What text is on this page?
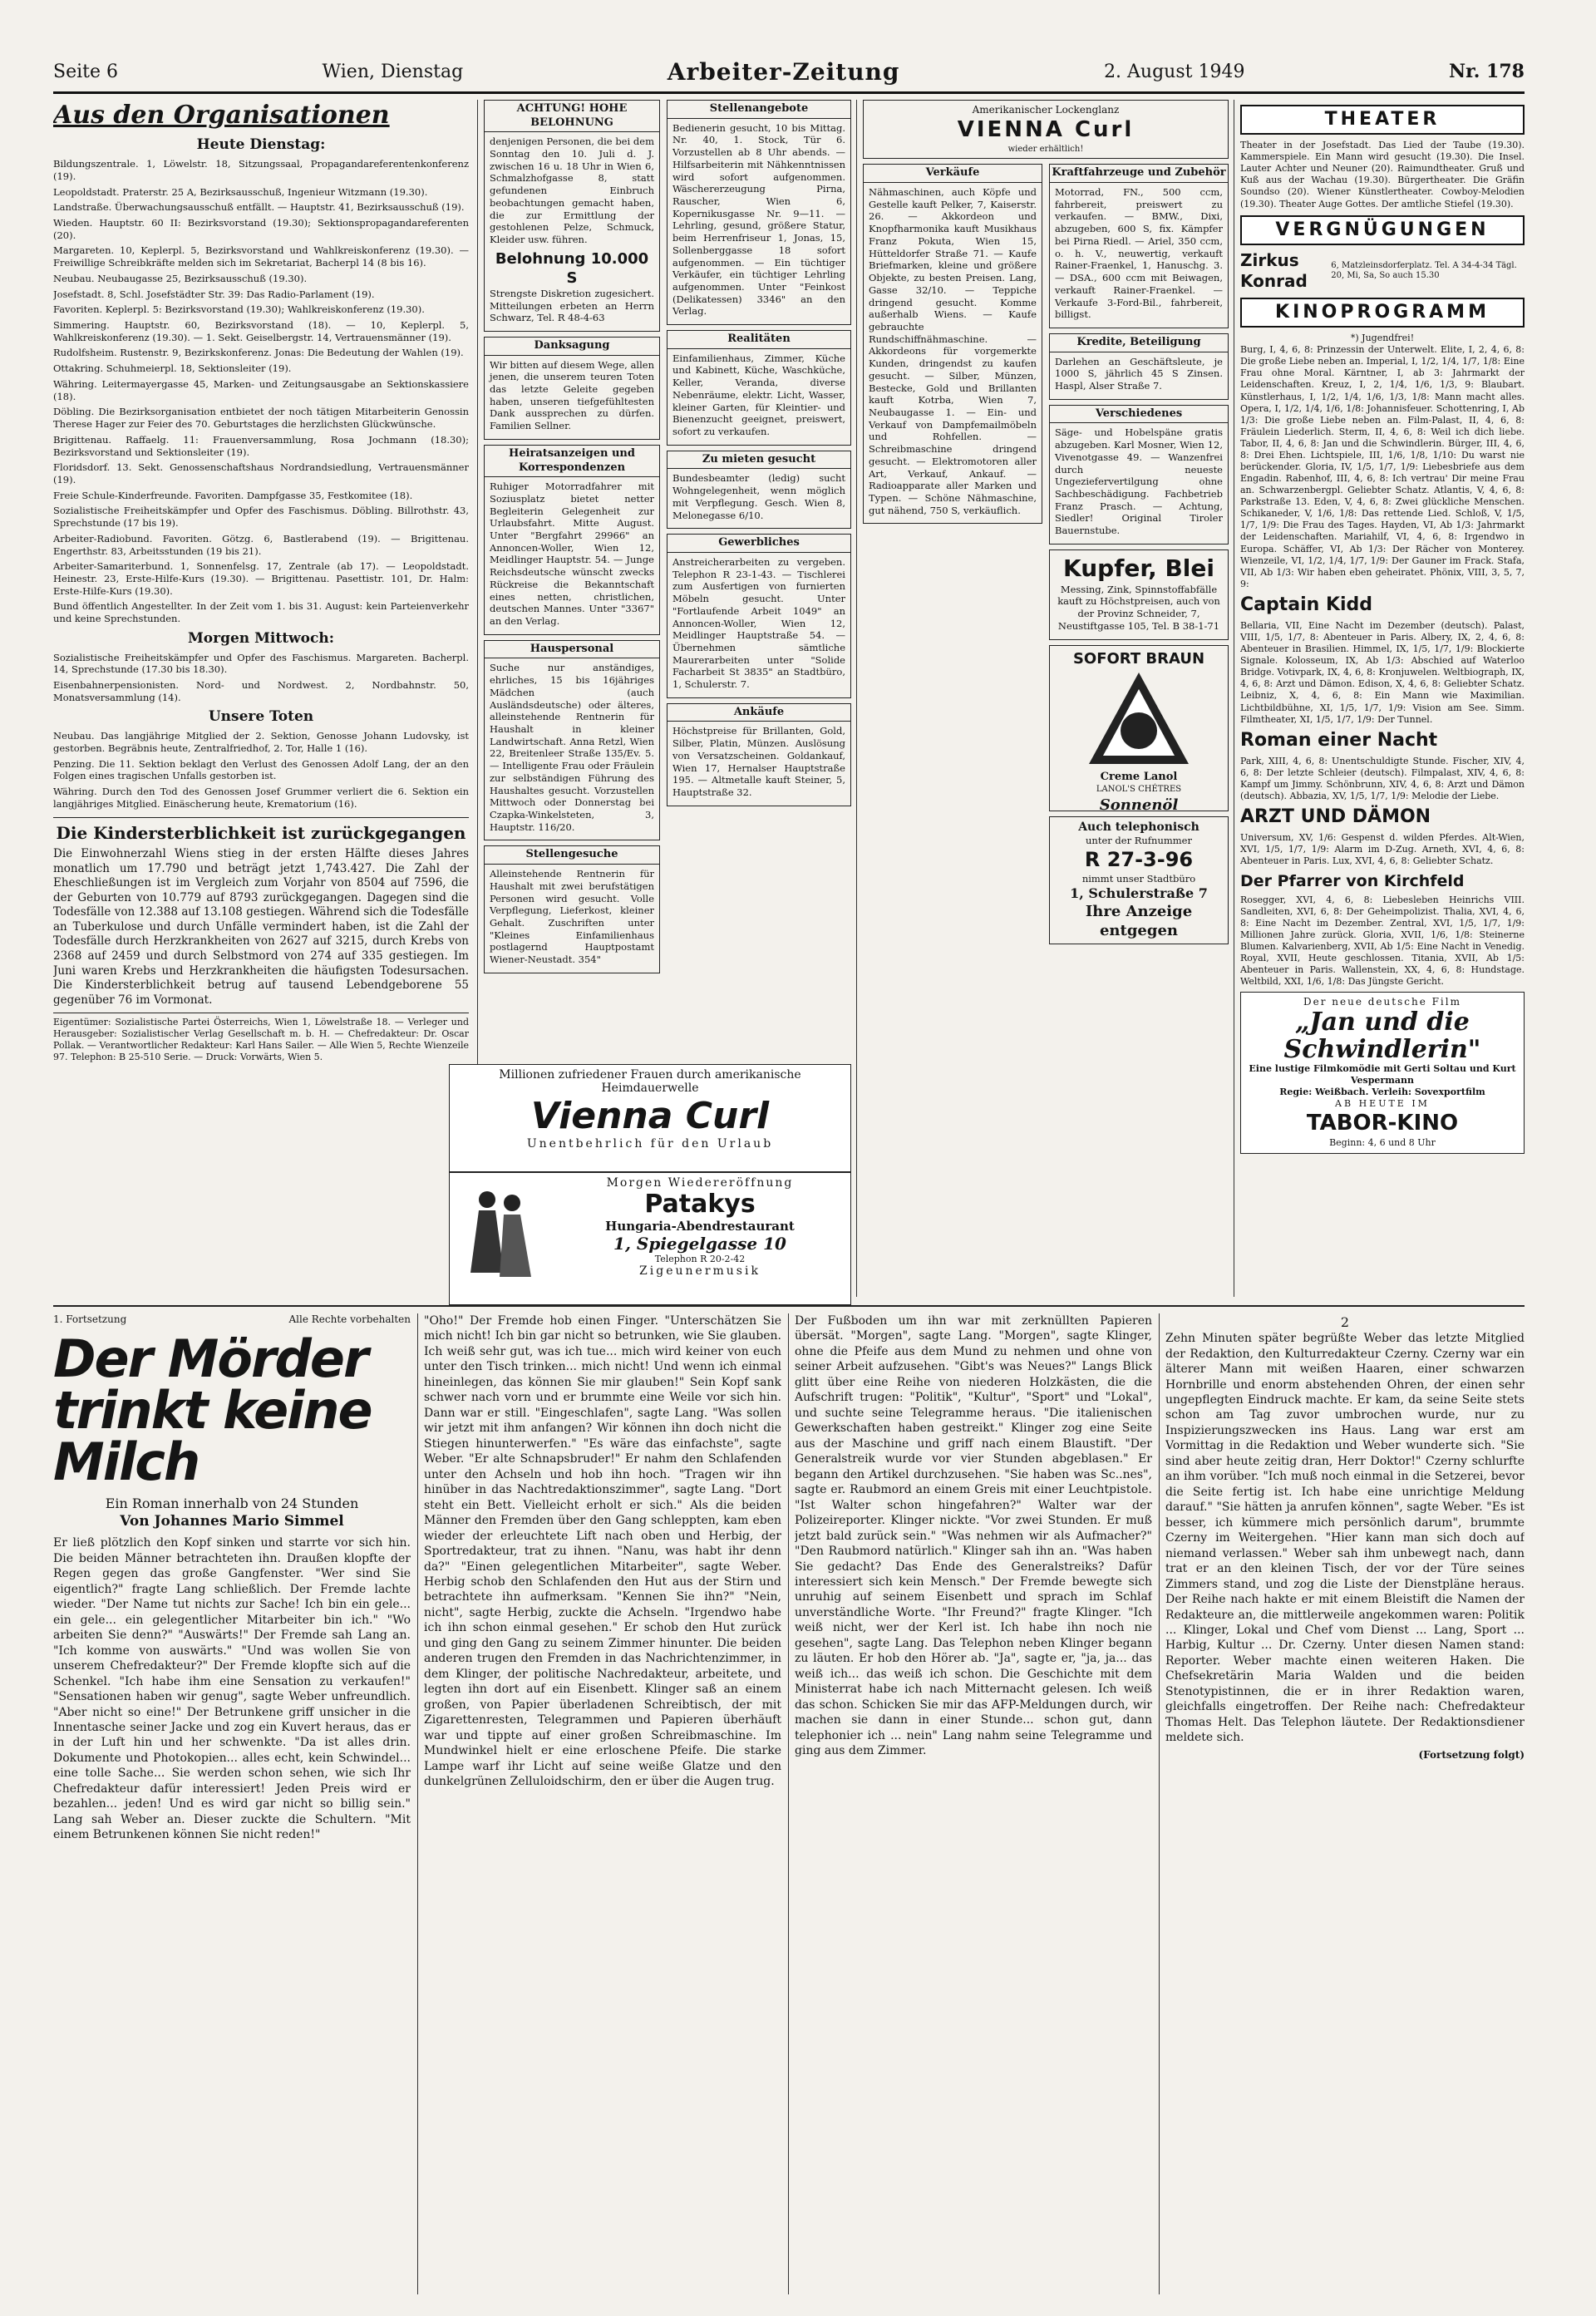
Seite 6	Wien, Dienstag	Arbeiter-Zeitung	2. August 1949	Nr. 178
Aus den Organisationen
Heute Dienstag:

Bildungszentrale. 1, Löwelstr. 18, Sitzungssaal, Propagandareferentenkonferenz (19).

Leopoldstadt. Praterstr. 25 A, Bezirksausschuß, Ingenieur Witzmann (19.30).

Landstraße. Überwachungsausschuß entfällt. — Hauptstr. 41, Bezirksausschuß (19).

Wieden. Hauptstr. 60 II: Bezirksvorstand (19.30); Sektionspropagandareferenten (20).

Margareten. 10, Keplerpl. 5, Bezirksvorstand und Wahlkreiskonferenz (19.30). — Freiwillige Schreibkräfte melden sich im Sekretariat, Bacherpl 14 (8 bis 16).

Neubau. Neubaugasse 25, Bezirksausschuß (19.30).

Josefstadt. 8, Schl. Josefstädter Str. 39: Das Radio-Parlament (19).

Favoriten. Keplerpl. 5: Bezirksvorstand (19.30); Wahlkreiskonferenz (19.30).

Simmering. Hauptstr. 60, Bezirksvorstand (18). — 10, Keplerpl. 5, Wahlkreiskonferenz (19.30). — 1. Sekt. Geiselbergstr. 14, Vertrauensmänner (19).

Rudolfsheim. Rustenstr. 9, Bezirkskonferenz. Jonas: Die Bedeutung der Wahlen (19).

Ottakring. Schuhmeierpl. 18, Sektionsleiter (19).

Währing. Leitermayergasse 45, Marken- und Zeitungsausgabe an Sektionskassiere (18).

Döbling. Die Bezirksorganisation entbietet der noch tätigen Mitarbeiterin Genossin Therese Hager zur Feier des 70. Geburtstages die herzlichsten Glückwünsche.

Brigittenau. Raffaelg. 11: Frauenversammlung, Rosa Jochmann (18.30); Bezirksvorstand und Sektionsleiter (19).

Floridsdorf. 13. Sekt. Genossenschaftshaus Nordrandsiedlung, Vertrauensmänner (19).

Freie Schule-Kinderfreunde. Favoriten. Dampfgasse 35, Festkomitee (18).

Sozialistische Freiheitskämpfer und Opfer des Faschismus. Döbling. Billrothstr. 43, Sprechstunde (17 bis 19).

Arbeiter-Radiobund. Favoriten. Götzg. 6, Bastlerabend (19). — Brigittenau. Engerthstr. 83, Arbeitsstunden (19 bis 21).

Arbeiter-Samariterbund. 1, Sonnenfelsg. 17, Zentrale (ab 17). — Leopoldstadt. Heinestr. 23, Erste-Hilfe-Kurs (19.30). — Brigittenau. Pasettistr. 101, Dr. Halm: Erste-Hilfe-Kurs (19.30).

Bund öffentlich Angestellter. In der Zeit vom 1. bis 31. August: kein Parteienverkehr und keine Sprechstunden.

Morgen Mittwoch:

Sozialistische Freiheitskämpfer und Opfer des Faschismus. Margareten. Bacherpl. 14, Sprechstunde (17.30 bis 18.30).

Eisenbahnerpensionisten. Nord- und Nordwest. 2, Nordbahnstr. 50, Monatsversammlung (14).

Unsere Toten

Neubau. Das langjährige Mitglied der 2. Sektion, Genosse Johann Ludovsky, ist gestorben. Begräbnis heute, Zentralfriedhof, 2. Tor, Halle 1 (16).

Penzing. Die 11. Sektion beklagt den Verlust des Genossen Adolf Lang, der an den Folgen eines tragischen Unfalls gestorben ist.

Währing. Durch den Tod des Genossen Josef Grummer verliert die 6. Sektion ein langjähriges Mitglied. Einäscherung heute, Krematorium (16).

Die Kindersterblichkeit ist zurückgegangen

Die Einwohnerzahl Wiens stieg in der ersten Hälfte dieses Jahres monatlich um 17.790 und beträgt jetzt 1,743.427. Die Zahl der Eheschließungen ist im Vergleich zum Vorjahr von 8504 auf 7596, die der Geburten von 10.779 auf 8793 zurückgegangen. Dagegen sind die Todesfälle von 12.388 auf 13.108 gestiegen. Während sich die Todesfälle an Tuberkulose und durch Unfälle vermindert haben, ist die Zahl der Todesfälle durch Herzkrankheiten von 2627 auf 3215, durch Krebs von 2368 auf 2459 und durch Selbstmord von 274 auf 335 gestiegen. Im Juni waren Krebs und Herzkrankheiten die häufigsten Todesursachen. Die Kindersterblichkeit betrug auf tausend Lebendgeborene 55 gegenüber 76 im Vormonat.

Eigentümer: Sozialistische Partei Österreichs, Wien 1, Löwelstraße 18. — Verleger und Herausgeber: Sozialistischer Verlag Gesellschaft m. b. H. — Chefredakteur: Dr. Oscar Pollak. — Verantwortlicher Redakteur: Karl Hans Sailer. — Alle Wien 5, Rechte Wienzeile 97. Telephon: B 25-510 Serie. — Druck: Vorwärts, Wien 5.

ACHTUNG! HOHE BELOHNUNG

denjenigen Personen, die bei dem Sonntag den 10. Juli d. J. zwischen 16 u. 18 Uhr in Wien 6, Schmalzhofgasse 8, statt gefundenen Einbruch beobachtungen gemacht haben, die zur Ermittlung der gestohlenen Pelze, Schmuck, Kleider usw. führen.

Belohnung 10.000 S

Strengste Diskretion zugesichert. Mitteilungen erbeten an Herrn Schwarz, Tel. R 48-4-63

Danksagung

Wir bitten auf diesem Wege, allen jenen, die unserem teuren Toten das letzte Geleite gegeben haben, unseren tiefgefühltesten Dank aussprechen zu dürfen. Familien Sellner.

Heiratsanzeigen und Korrespondenzen

Ruhiger Motorradfahrer mit Soziusplatz bietet netter Begleiterin Gelegenheit zur Urlaubsfahrt. Mitte August. Unter "Bergfahrt 29966" an Annoncen-Woller, Wien 12, Meidlinger Hauptstr. 54. — Junge Reichsdeutsche wünscht zwecks Rückreise die Bekanntschaft eines netten, christlichen, deutschen Mannes. Unter "3367" an den Verlag.

Hauspersonal

Suche nur anständiges, ehrliches, 15 bis 16jähriges Mädchen (auch Ausländsdeutsche) oder älteres, alleinstehende Rentnerin für Haushalt in kleiner Landwirtschaft. Anna Retzl, Wien 22, Breitenleer Straße 135/Ev. 5. — Intelligente Frau oder Fräulein zur selbständigen Führung des Haushaltes gesucht. Vorzustellen Mittwoch oder Donnerstag bei Czapka-Winkelsteten, 3, Hauptstr. 116/20.

Stellengesuche

Alleinstehende Rentnerin für Haushalt mit zwei berufstätigen Personen wird gesucht. Volle Verpflegung, Lieferkost, kleiner Gehalt. Zuschriften unter "Kleines Einfamilienhaus postlagernd Hauptpostamt Wiener-Neustadt. 354"

Stellenangebote

Bedienerin gesucht, 10 bis Mittag. Nr. 40, 1. Stock, Tür 6. Vorzustellen ab 8 Uhr abends. — Hilfsarbeiterin mit Nähkenntnissen wird sofort aufgenommen. Wäschererzeugung Pirna, Rauscher, Wien 6, Kopernikusgasse Nr. 9—11. — Lehrling, gesund, größere Statur, beim Herrenfriseur 1, Jonas, 15, Sollenberggasse 18 sofort aufgenommen. — Ein tüchtiger Verkäufer, ein tüchtiger Lehrling aufgenommen. Unter "Feinkost (Delikatessen) 3346" an den Verlag.

Realitäten

Einfamilienhaus, Zimmer, Küche und Kabinett, Küche, Waschküche, Keller, Veranda, diverse Nebenräume, elektr. Licht, Wasser, kleiner Garten, für Kleintier- und Bienenzucht geeignet, preiswert, sofort zu verkaufen.

Zu mieten gesucht

Bundesbeamter (ledig) sucht Wohngelegenheit, wenn möglich mit Verpflegung. Gesch. Wien 8, Melonegasse 6/10.

Gewerbliches

Anstreicherarbeiten zu vergeben. Telephon R 23-1-43. — Tischlerei zum Ausfertigen von furnierten Möbeln gesucht. Unter "Fortlaufende Arbeit 1049" an Annoncen-Woller, Wien 12, Meidlinger Hauptstraße 54. — Übernehmen sämtliche Maurerarbeiten unter "Solide Facharbeit St 3835" an Stadtbüro, 1, Schulerstr. 7.

Ankäufe

Höchstpreise für Brillanten, Gold, Silber, Platin, Münzen. Auslösung von Versatzscheinen. Goldankauf, Wien 17, Hernalser Hauptstraße 195. — Altmetalle kauft Steiner, 5, Hauptstraße 32.

Millionen zufriedener Frauen durch amerikanische Heimdauerwelle
Vienna Curl
Unentbehrlich für den Urlaub
Morgen Wiedereröffnung
Patakys
Hungaria-Abendrestaurant
1, Spiegelgasse 10
Telephon R 20-2-42
Zigeunermusik
Amerikanischer Lockenglanz
VIENNA Curl
wieder erhältlich!
Verkäufe

Nähmaschinen, auch Köpfe und Gestelle kauft Pelker, 7, Kaiserstr. 26. — Akkordeon und Knopfharmonika kauft Musikhaus Franz Pokuta, Wien 15, Hütteldorfer Straße 71. — Kaufe Briefmarken, kleine und größere Objekte, zu besten Preisen. Lang, Gasse 32/10. — Teppiche dringend gesucht. Komme außerhalb Wiens. — Kaufe gebrauchte Rundschiffnähmaschine. — Akkordeons für vorgemerkte Kunden, dringendst zu kaufen gesucht. — Silber, Münzen, Bestecke, Gold und Brillanten kauft Kotrba, Wien 7, Neubaugasse 1. — Ein- und Verkauf von Dampfemailmöbeln und Rohfellen. — Schreibmaschine dringend gesucht. — Elektromotoren aller Art, Verkauf, Ankauf. — Radioapparate aller Marken und Typen. — Schöne Nähmaschine, gut nähend, 750 S, verkäuflich.

Kraftfahrzeuge und Zubehör

Motorrad, FN., 500 ccm, fahrbereit, preiswert zu verkaufen. — BMW., Dixi, abzugeben, 600 S, fix. Kämpfer bei Pirna Riedl. — Ariel, 350 ccm, o. h. V., neuwertig, verkauft Rainer-Fraenkel, 1, Hanuschg. 3. — DSA., 600 ccm mit Beiwagen, verkauft Rainer-Fraenkel. — Verkaufe 3-Ford-Bil., fahrbereit, billigst.

Kredite, Beteiligung

Darlehen an Geschäftsleute, je 1000 S, jährlich 45 S Zinsen. Haspl, Alser Straße 7.

Verschiedenes

Säge- und Hobelspäne gratis abzugeben. Karl Mosner, Wien 12, Vivenotgasse 49. — Wanzenfrei durch neueste Ungeziefervertilgung ohne Sachbeschädigung. Fachbetrieb Franz Prasch. — Achtung, Siedler! Original Tiroler Bauernstube.

Kupfer, Blei

Messing, Zink, Spinnstoffabfälle kauft zu Höchstpreisen, auch von der Provinz Schneider, 7, Neustiftgasse 105, Tel. B 38-1-71

SOFORT BRAUN
Creme Lanol
LANOL'S CHÉTRES
Sonnenöl
Auch telephonisch
unter der Rufnummer
R 27-3-96
nimmt unser Stadtbüro
1, Schulerstraße 7
Ihre Anzeige entgegen
THEATER

Theater in der Josefstadt. Das Lied der Taube (19.30). Kammerspiele. Ein Mann wird gesucht (19.30). Die Insel. Lauter Achter und Neuner (20). Raimundtheater. Gruß und Kuß aus der Wachau (19.30). Bürgertheater. Die Gräfin Soundso (20). Wiener Künstlertheater. Cowboy-Melodien (19.30). Theater Auge Gottes. Der amtliche Stiefel (19.30).

VERGNÜGUNGEN
Zirkus Konrad
6, Matzleinsdorferplatz. Tel. A 34-4-34 Tägl. 20, Mi, Sa, So auch 15.30
KINOPROGRAMM
*) Jugendfrei!

Burg, I, 4, 6, 8: Prinzessin der Unterwelt. Elite, I, 2, 4, 6, 8: Die große Liebe neben an. Imperial, I, 1/2, 1/4, 1/7, 1/8: Eine Frau ohne Moral. Kärntner, I, ab 3: Jahrmarkt der Leidenschaften. Kreuz, I, 2, 1/4, 1/6, 1/3, 9: Blaubart. Künstlerhaus, I, 1/2, 1/4, 1/6, 1/3, 1/8: Mann macht alles. Opera, I, 1/2, 1/4, 1/6, 1/8: Johannisfeuer. Schottenring, I, Ab 1/3: Die große Liebe neben an. Film-Palast, II, 4, 6, 8: Fräulein Liederlich. Sterm, II, 4, 6, 8: Weil ich dich liebe. Tabor, II, 4, 6, 8: Jan und die Schwindlerin. Bürger, III, 4, 6, 8: Drei Ehen. Lichtspiele, III, 1/6, 1/8, 1/10: Du warst nie berückender. Gloria, IV, 1/5, 1/7, 1/9: Liebesbriefe aus dem Engadin. Rabenhof, III, 4, 6, 8: Ich vertrau' Dir meine Frau an. Schwarzenbergpl. Geliebter Schatz. Atlantis, V, 4, 6, 8: Parkstraße 13. Eden, V, 4, 6, 8: Zwei glückliche Menschen. Schikaneder, V, 1/6, 1/8: Das rettende Lied. Schloß, V, 1/5, 1/7, 1/9: Die Frau des Tages. Hayden, VI, Ab 1/3: Jahrmarkt der Leidenschaften. Mariahilf, VI, 4, 6, 8: Irgendwo in Europa. Schäffer, VI, Ab 1/3: Der Rächer von Monterey. Wienzeile, VI, 1/2, 1/4, 1/7, 1/9: Der Gauner im Frack. Stafa, VII, Ab 1/3: Wir haben eben geheiratet. Phönix, VIII, 3, 5, 7, 9:

Captain Kidd

Bellaria, VII, Eine Nacht im Dezember (deutsch). Palast, VIII, 1/5, 1/7, 8: Abenteuer in Paris. Albery, IX, 2, 4, 6, 8: Abenteuer in Brasilien. Himmel, IX, 1/5, 1/7, 1/9: Blockierte Signale. Kolosseum, IX, Ab 1/3: Abschied auf Waterloo Bridge. Votivpark, IX, 4, 6, 8: Kronjuwelen. Weltbiograph, IX, 4, 6, 8: Arzt und Dämon. Edison, X, 4, 6, 8: Geliebter Schatz. Leibniz, X, 4, 6, 8: Ein Mann wie Maximilian. Lichtbildbühne, XI, 1/5, 1/7, 1/9: Vision am See. Simm. Filmtheater, XI, 1/5, 1/7, 1/9: Der Tunnel.

Roman einer Nacht

Park, XIII, 4, 6, 8: Unentschuldigte Stunde. Fischer, XIV, 4, 6, 8: Der letzte Schleier (deutsch). Filmpalast, XIV, 4, 6, 8: Kampf um Jimmy. Schönbrunn, XIV, 4, 6, 8: Arzt und Dämon (deutsch). Abbazia, XV, 1/5, 1/7, 1/9: Melodie der Liebe.

ARZT UND DÄMON

Universum, XV, 1/6: Gespenst d. wilden Pferdes. Alt-Wien, XVI, 1/5, 1/7, 1/9: Alarm im D-Zug. Arneth, XVI, 4, 6, 8: Abenteuer in Paris. Lux, XVI, 4, 6, 8: Geliebter Schatz.

Der Pfarrer von Kirchfeld

Rosegger, XVI, 4, 6, 8: Liebesleben Heinrichs VIII. Sandleiten, XVI, 6, 8: Der Geheimpolizist. Thalia, XVI, 4, 6, 8: Eine Nacht im Dezember. Zentral, XVI, 1/5, 1/7, 1/9: Millionen Jahre zurück. Gloria, XVII, 1/6, 1/8: Steinerne Blumen. Kalvarienberg, XVII, Ab 1/5: Eine Nacht in Venedig. Royal, XVII, Heute geschlossen. Titania, XVII, Ab 1/5: Abenteuer in Paris. Wallenstein, XX, 4, 6, 8: Hundstage. Weltbild, XXI, 1/6, 1/8: Das Jüngste Gericht.

Der neue deutsche Film
„Jan und die Schwindlerin"
Eine lustige Filmkomödie mit Gerti Soltau und Kurt Vespermann
Regie: Weißbach. Verleih: Sovexportfilm
AB HEUTE IM
TABOR-KINO
Beginn: 4, 6 und 8 Uhr
1. Fortsetzung	Alle Rechte vorbehalten
Der Mörder trinkt keine Milch
Ein Roman innerhalb von 24 Stunden
Von Johannes Mario Simmel

Er ließ plötzlich den Kopf sinken und starrte vor sich hin. Die beiden Männer betrachteten ihn. Draußen klopfte der Regen gegen das große Gangfenster. "Wer sind Sie eigentlich?" fragte Lang schließlich. Der Fremde lachte wieder. "Der Name tut nichts zur Sache! Ich bin ein gele... ein gele... ein gelegentlicher Mitarbeiter bin ich." "Wo arbeiten Sie denn?" "Auswärts!" Der Fremde sah Lang an. "Ich komme von auswärts." "Und was wollen Sie von unserem Chefredakteur?" Der Fremde klopfte sich auf die Schenkel. "Ich habe ihm eine Sensation zu verkaufen!" "Sensationen haben wir genug", sagte Weber unfreundlich. "Aber nicht so eine!" Der Betrunkene griff unsicher in die Innentasche seiner Jacke und zog ein Kuvert heraus, das er in der Luft hin und her schwenkte. "Da ist alles drin. Dokumente und Photokopien... alles echt, kein Schwindel... eine tolle Sache... Sie werden schon sehen, wie sich Ihr Chefredakteur dafür interessiert! Jeden Preis wird er bezahlen... jeden! Und es wird gar nicht so billig sein." Lang sah Weber an. Dieser zuckte die Schultern. "Mit einem Betrunkenen können Sie nicht reden!"

"Oho!" Der Fremde hob einen Finger. "Unterschätzen Sie mich nicht! Ich bin gar nicht so betrunken, wie Sie glauben. Ich weiß sehr gut, was ich tue... mich wird keiner von euch unter den Tisch trinken... mich nicht! Und wenn ich einmal hineinlegen, das können Sie mir glauben!" Sein Kopf sank schwer nach vorn und er brummte eine Weile vor sich hin. Dann war er still. "Eingeschlafen", sagte Lang. "Was sollen wir jetzt mit ihm anfangen? Wir können ihn doch nicht die Stiegen hinunterwerfen." "Es wäre das einfachste", sagte Weber. "Er alte Schnapsbruder!" Er nahm den Schlafenden unter den Achseln und hob ihn hoch. "Tragen wir ihn hinüber in das Nachtredaktionszimmer", sagte Lang. "Dort steht ein Bett. Vielleicht erholt er sich." Als die beiden Männer den Fremden über den Gang schleppten, kam eben wieder der erleuchtete Lift nach oben und Herbig, der Sportredakteur, trat zu ihnen. "Nanu, was habt ihr denn da?" "Einen gelegentlichen Mitarbeiter", sagte Weber. Herbig schob den Schlafenden den Hut aus der Stirn und betrachtete ihn aufmerksam. "Kennen Sie ihn?" "Nein, nicht", sagte Herbig, zuckte die Achseln. "Irgendwo habe ich ihn schon einmal gesehen." Er schob den Hut zurück und ging den Gang zu seinem Zimmer hinunter. Die beiden anderen trugen den Fremden in das Nachrichtenzimmer, in dem Klinger, der politische Nachredakteur, arbeitete, und legten ihn dort auf ein Eisenbett. Klinger saß an einem großen, von Papier überladenen Schreibtisch, der mit Zigarettenresten, Telegrammen und Papieren überhäuft war und tippte auf einer großen Schreibmaschine. Im Mundwinkel hielt er eine erloschene Pfeife. Die starke Lampe warf ihr Licht auf seine weiße Glatze und den dunkelgrünen Zelluloidschirm, den er über die Augen trug.

Der Fußboden um ihn war mit zerknüllten Papieren übersät. "Morgen", sagte Lang. "Morgen", sagte Klinger, ohne die Pfeife aus dem Mund zu nehmen und ohne von seiner Arbeit aufzusehen. "Gibt's was Neues?" Langs Blick glitt über eine Reihe von niederen Holzkästen, die die Aufschrift trugen: "Politik", "Kultur", "Sport" und "Lokal", und suchte seine Telegramme heraus. "Die italienischen Gewerkschaften haben gestreikt." Klinger zog eine Seite aus der Maschine und griff nach einem Blaustift. "Der Generalstreik wurde vor vier Stunden abgeblasen." Er begann den Artikel durchzusehen. "Sie haben was Sc..nes", sagte er. Raubmord an einem Greis mit einer Leuchtpistole. "Ist Walter schon hingefahren?" Walter war der Polizeireporter. Klinger nickte. "Vor zwei Stunden. Er muß jetzt bald zurück sein." "Was nehmen wir als Aufmacher?" "Den Raubmord natürlich." Klinger sah ihn an. "Was haben Sie gedacht? Das Ende des Generalstreiks? Dafür interessiert sich kein Mensch." Der Fremde bewegte sich unruhig auf seinem Eisenbett und sprach im Schlaf unverständliche Worte. "Ihr Freund?" fragte Klinger. "Ich weiß nicht, wer der Kerl ist. Ich habe ihn noch nie gesehen", sagte Lang. Das Telephon neben Klinger begann zu läuten. Er hob den Hörer ab. "Ja", sagte er, "ja, ja... das weiß ich... das weiß ich schon. Die Geschichte mit dem Ministerrat habe ich nach Mitternacht gelesen. Ich weiß das schon. Schicken Sie mir das AFP-Meldungen durch, wir machen sie dann in einer Stunde... schon gut, dann telephonier ich ... nein" Lang nahm seine Telegramme und ging aus dem Zimmer.

2

Zehn Minuten später begrüßte Weber das letzte Mitglied der Redaktion, den Kulturredakteur Czerny. Czerny war ein älterer Mann mit weißen Haaren, einer schwarzen Hornbrille und enorm abstehenden Ohren, der einen sehr ungepflegten Eindruck machte. Er kam, da seine Seite stets schon am Tag zuvor umbrochen wurde, nur zu Inspizierungszwecken ins Haus. Lang war erst am Vormittag in die Redaktion und Weber wunderte sich. "Sie sind aber heute zeitig dran, Herr Doktor!" Czerny schlurfte an ihm vorüber. "Ich muß noch einmal in die Setzerei, bevor die Seite fertig ist. Ich habe eine unrichtige Meldung darauf." "Sie hätten ja anrufen können", sagte Weber. "Es ist besser, ich kümmere mich persönlich darum", brummte Czerny im Weitergehen. "Hier kann man sich doch auf niemand verlassen." Weber sah ihm unbewegt nach, dann trat er an den kleinen Tisch, der vor der Türe seines Zimmers stand, und zog die Liste der Dienstpläne heraus. Der Reihe nach hakte er mit einem Bleistift die Namen der Redakteure an, die mittlerweile angekommen waren: Politik ... Klinger, Lokal und Chef vom Dienst ... Lang, Sport ... Harbig, Kultur ... Dr. Czerny. Unter diesen Namen stand: Reporter. Weber machte einen weiteren Haken. Die Chefsekretärin Maria Walden und die beiden Stenotypistinnen, die er in ihrer Redaktion waren, gleichfalls eingetroffen. Der Reihe nach: Chefredakteur Thomas Helt. Das Telephon läutete. Der Redaktionsdiener meldete sich.

(Fortsetzung folgt)
